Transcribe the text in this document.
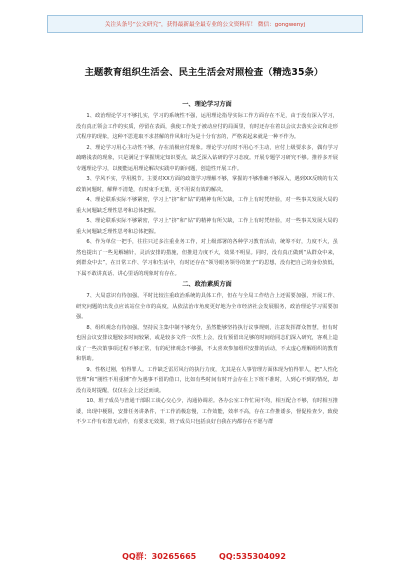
关注头条号“公文研究”，获得最新最全最专业的公文资料库！ 微信：gongwenyj
主题教育组织生活会、民主生活会对照检查（精选35条）
一、理论学习方面

1、政治理论学习不够扎实，学习的系统性不强，运用理论指导实际工作方面存在不足，由于没有深入学习，没有真正领会工作的实质，停留在表面，我使工作处于被动应付的局面里，有时还存在着以会议去落实会议和走形式程序的现象，这种不思进取不求甚解的作风和行为是十分有害的，严格说起来就是一种不作为。

2、理论学习用心主动性不够，存在消极应付现象。理论学习有时不用心不主动，应付上级要求多，偶有学习疏略浅表的现象，只是满足于掌握规定知识要点，缺乏深入钻研的学习态度。开展专题学习研究不够。推荐多开展专题理论学习，以便能运用理论解决实践中的新问题，创造性开展工作。

3、学风不实，学用脱节。主要对XX方面的政策学习理解不够，掌握的不够准确不够深入，遇到XX反映的有关政策问题时，解释不清楚，有时束手无策，更不用说有效的解决。

4、理论联系实际不够紧密，学习上“挤”和“钻”的精神有所欠缺，工作上有时凭经验，对一些事关发展大局的重大问题缺乏理性思考和总体把握。

5、理论联系实际不够紧密，学习上“挤”和“钻”的精神有所欠缺，工作上有时凭经验，对一些事关发展大局的重大问题缺乏理性思考和总体把握。

6、作为单位一把手，往往只过多注重业务工作，对上级部署的各种学习教育活动，统筹不好，力度不大，虽然也提出了一些见解辅针，灵活安排的措施，但推进力度不大，效果不明显。同时，没有真正做到“从群众中来，到群众中去”，在日常工作、学习和生活中，有时还存在“领导眼务领导的架子”的思想，没有把自己的身份放低，下属不敢讲真话、讲心里话的现象时有存在。

二、政治素质方面

7、大局意识有待加强。平时比较注重政治系统的具体工作，但在与全局工作结合上还需要加强，开展工作、研究问题的出发点应该站位全市的高度，从依法治市角度更好地为全市经济社会发展服务，政治理论学习需要加强。

8、组织观念有待加强。坚持民主集中制不够充分，虽然能够坚持执行议事规则，注意发挥群众智慧，但有时也因会议安排议题较多时间较紧，或是较多文件一次性上会，没有预留出足够的时间给同志们深入研究，客观上造成了一些决策事项过程不够正常，有的纪律观念不够强，不太喜欢参加组织安排的活动，不太虚心理解组织的教育和帮助。

9、性格过刚，怕得罪人。工作缺乏雷厉风行的执行力度，尤其是在人事管理方面体现为怕得罪人，把“人性化管理”和“刚性不用重锤”作为遇事不留的借口，比如有些时间有时开会存在上下班不准时，人到心不到的情况，却没有及时提醒，仅仅在会上泛泛而谈。

10、班子成员与普通干部职工谈心交心少，沟通协调差。各办公室工作忙闲不均，相互配合不够，有时相互推诿，出现中梗阻，安排任务讲条件，干工作消极怠慢，工作效能，效率不高，存在工作推诿多，督促检查少，致使不少工作有布置无动作，有要求无效果，班子成员只包括良好自我在内都存在不愿与群

QQ群：30265665	QQ:535304092
